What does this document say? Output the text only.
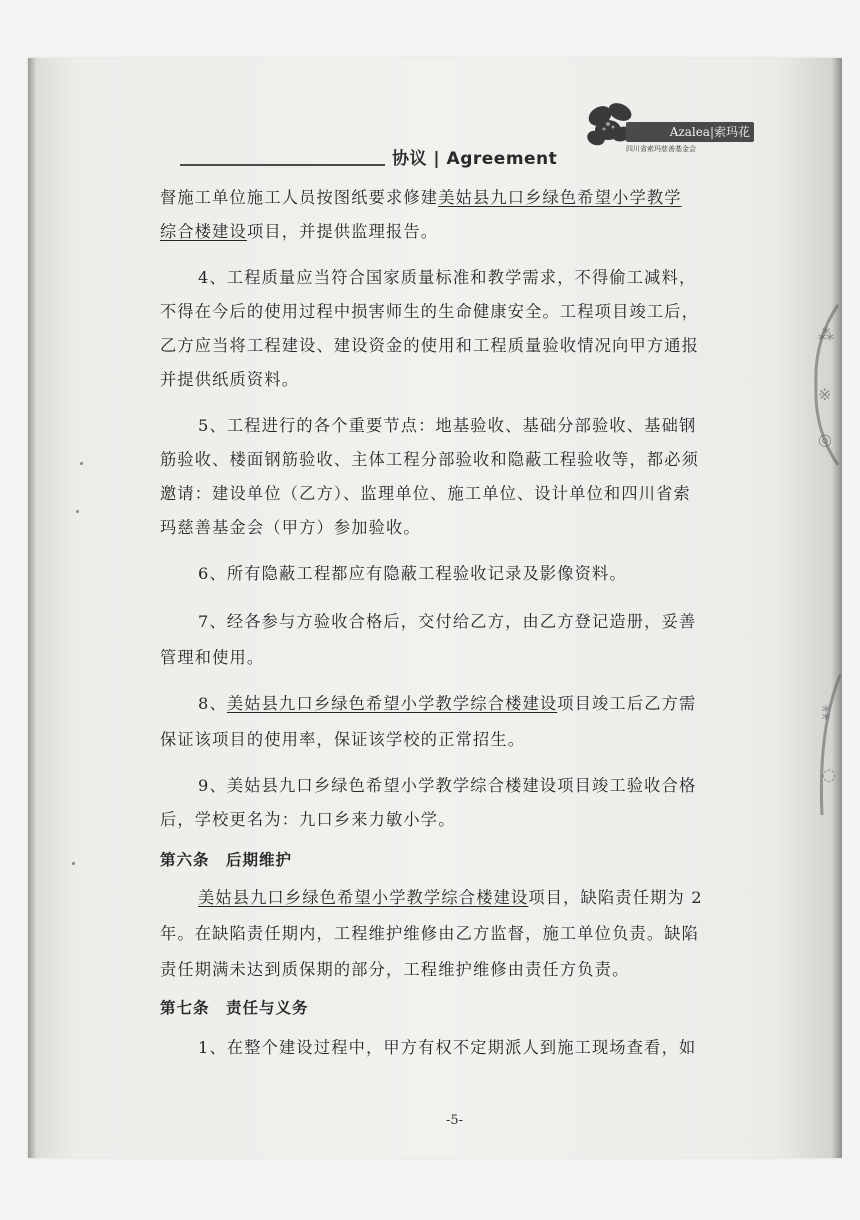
协议 | Agreement
Azalea|索玛花
四川省索玛慈善基金会
督施工单位施工人员按图纸要求修建美姑县九口乡绿色希望小学教学
综合楼建设项目，并提供监理报告。
4、工程质量应当符合国家质量标准和教学需求，不得偷工减料，
不得在今后的使用过程中损害师生的生命健康安全。工程项目竣工后，
乙方应当将工程建设、建设资金的使用和工程质量验收情况向甲方通报
并提供纸质资料。
5、工程进行的各个重要节点：地基验收、基础分部验收、基础钢
筋验收、楼面钢筋验收、主体工程分部验收和隐蔽工程验收等，都必须
邀请：建设单位（乙方）、监理单位、施工单位、设计单位和四川省索
玛慈善基金会（甲方）参加验收。
6、所有隐蔽工程都应有隐蔽工程验收记录及影像资料。
7、经各参与方验收合格后，交付给乙方，由乙方登记造册，妥善
管理和使用。
8、美姑县九口乡绿色希望小学教学综合楼建设项目竣工后乙方需
保证该项目的使用率，保证该学校的正常招生。
9、美姑县九口乡绿色希望小学教学综合楼建设项目竣工验收合格
后，学校更名为：九口乡来力敏小学。
第六条　后期维护
美姑县九口乡绿色希望小学教学综合楼建设项目，缺陷责任期为 2
年。在缺陷责任期内，工程维护维修由乙方监督，施工单位负责。缺陷
责任期满未达到质保期的部分，工程维护维修由责任方负责。
第七条　责任与义务
1、在整个建设过程中，甲方有权不定期派人到施工现场查看，如
-5-
⁂
※
◎
⁑
◌
